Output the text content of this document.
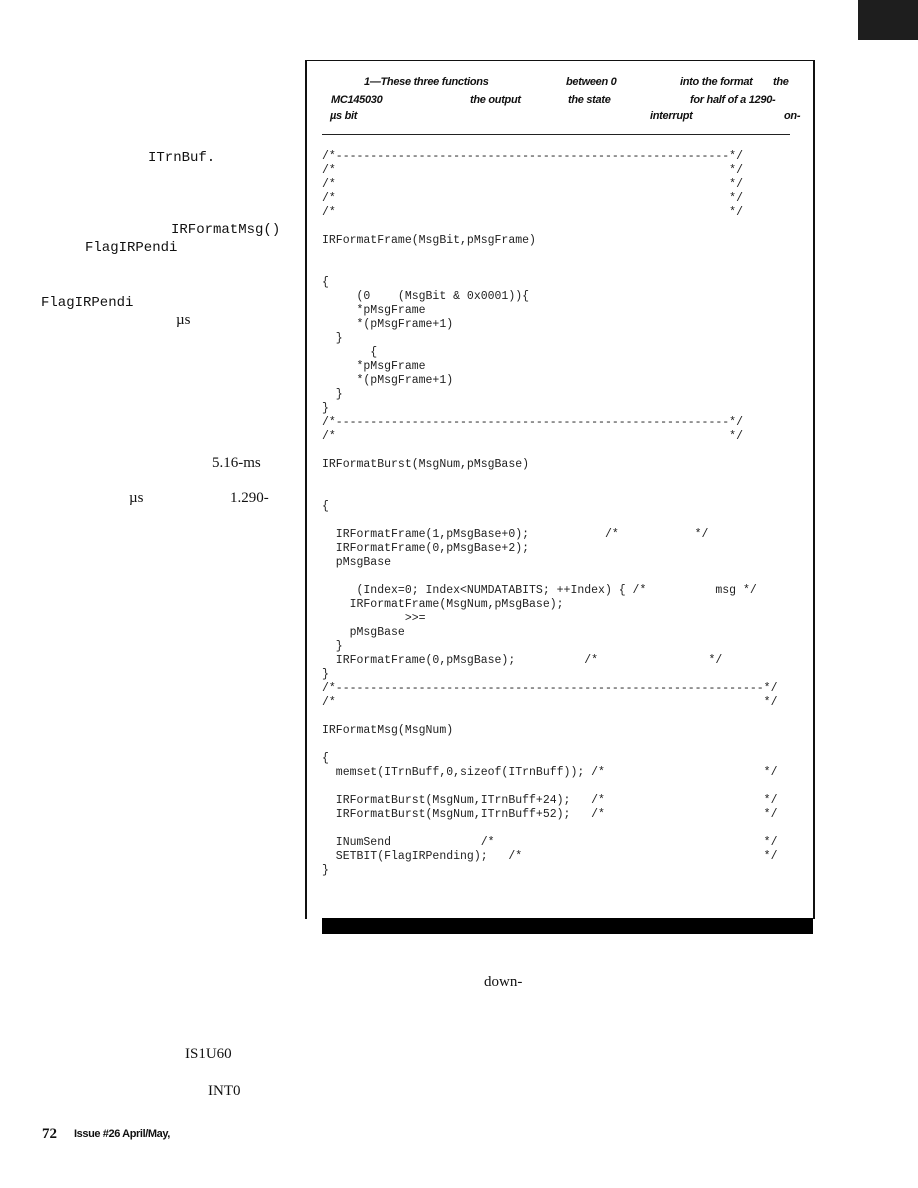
ITrnBuf.
IRFormatMsg()
FlagIRPendi
FlagIRPendi
µs
5.16-ms
µs	1.290-
1—These three functions	between 0	into the format the
MC145030	the output	the state	for half of a 1290-
µs bit	interrupt	on-
/*---------------------------------------------------------*/
/*                                                         */
/*                                                         */
/*                                                         */
/*                                                         */

IRFormatFrame(MsgBit,pMsgFrame)

{
(0    (MsgBit & 0x0001)){
*pMsgFrame
*(pMsgFrame+1)
}
{
*pMsgFrame
*(pMsgFrame+1)
}
}
/*---------------------------------------------------------*/
/*                                                         */

IRFormatBurst(MsgNum,pMsgBase)

{

IRFormatFrame(1,pMsgBase+0);           /*           */
IRFormatFrame(0,pMsgBase+2);
pMsgBase

(Index=0; Index<NUMDATABITS; ++Index) { /*          msg */
IRFormatFrame(MsgNum,pMsgBase);
>>=
pMsgBase
}
IRFormatFrame(0,pMsgBase);          /*                */
}
/*--------------------------------------------------------------*/
/*                                                              */

IRFormatMsg(MsgNum)

{
memset(ITrnBuff,0,sizeof(ITrnBuff)); /*                       */

IRFormatBurst(MsgNum,ITrnBuff+24);   /*                       */
IRFormatBurst(MsgNum,ITrnBuff+52);   /*                       */

INumSend             /*                                       */
SETBIT(FlagIRPending);   /*                                   */
}
down-
IS1U60
INT0
72 Issue #26 April/May,
